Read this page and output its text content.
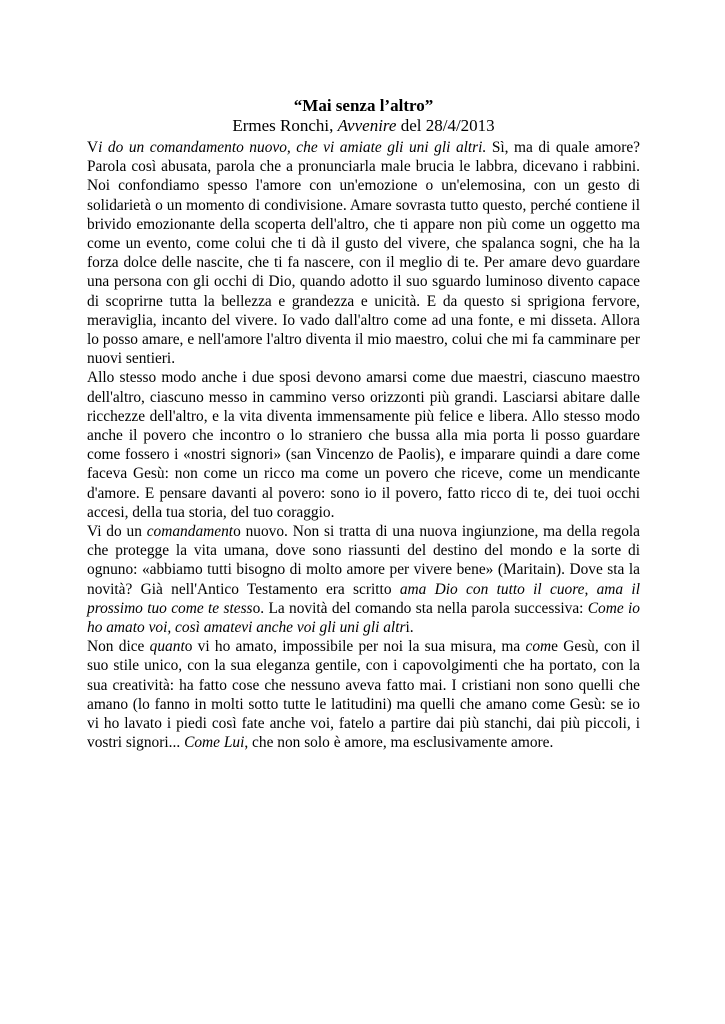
“Mai senza l’altro”

Ermes Ronchi, Avvenire del 28/4/2013

Vi do un comandamento nuovo, che vi amiate gli uni gli altri. Sì, ma di quale amore? Parola così abusata, parola che a pronunciarla male brucia le labbra, dicevano i rabbini. Noi confondiamo spesso l'amore con un'emozione o un'elemosina, con un gesto di solidarietà o un momento di condivisione. Amare sovrasta tutto questo, perché contiene il brivido emozionante della scoperta dell'altro, che ti appare non più come un oggetto ma come un evento, come colui che ti dà il gusto del vivere, che spalanca sogni, che ha la forza dolce delle nascite, che ti fa nascere, con il meglio di te. Per amare devo guardare una persona con gli occhi di Dio, quando adotto il suo sguardo luminoso divento capace di scoprirne tutta la bellezza e grandezza e unicità. E da questo si sprigiona fervore, meraviglia, incanto del vivere. Io vado dall'altro come ad una fonte, e mi disseta. Allora lo posso amare, e nell'amore l'altro diventa il mio maestro, colui che mi fa camminare per nuovi sentieri.

Allo stesso modo anche i due sposi devono amarsi come due maestri, ciascuno maestro dell'altro, ciascuno messo in cammino verso orizzonti più grandi. Lasciarsi abitare dalle ricchezze dell'altro, e la vita diventa immensamente più felice e libera. Allo stesso modo anche il povero che incontro o lo straniero che bussa alla mia porta li posso guardare come fossero i «nostri signori» (san Vincenzo de Paolis), e imparare quindi a dare come faceva Gesù: non come un ricco ma come un povero che riceve, come un mendicante d'amore. E pensare davanti al povero: sono io il povero, fatto ricco di te, dei tuoi occhi accesi, della tua storia, del tuo coraggio.

Vi do un comandamento nuovo. Non si tratta di una nuova ingiunzione, ma della regola che protegge la vita umana, dove sono riassunti del destino del mondo e la sorte di ognuno: «abbiamo tutti bisogno di molto amore per vivere bene» (Maritain). Dove sta la novità? Già nell'Antico Testamento era scritto ama Dio con tutto il cuore, ama il prossimo tuo come te stesso. La novità del comando sta nella parola successiva: Come io ho amato voi, così amatevi anche voi gli uni gli altri.

Non dice quanto vi ho amato, impossibile per noi la sua misura, ma come Gesù, con il suo stile unico, con la sua eleganza gentile, con i capovolgimenti che ha portato, con la sua creatività: ha fatto cose che nessuno aveva fatto mai. I cristiani non sono quelli che amano (lo fanno in molti sotto tutte le latitudini) ma quelli che amano come Gesù: se io vi ho lavato i piedi così fate anche voi, fatelo a partire dai più stanchi, dai più piccoli, i vostri signori... Come Lui, che non solo è amore, ma esclusivamente amore.
